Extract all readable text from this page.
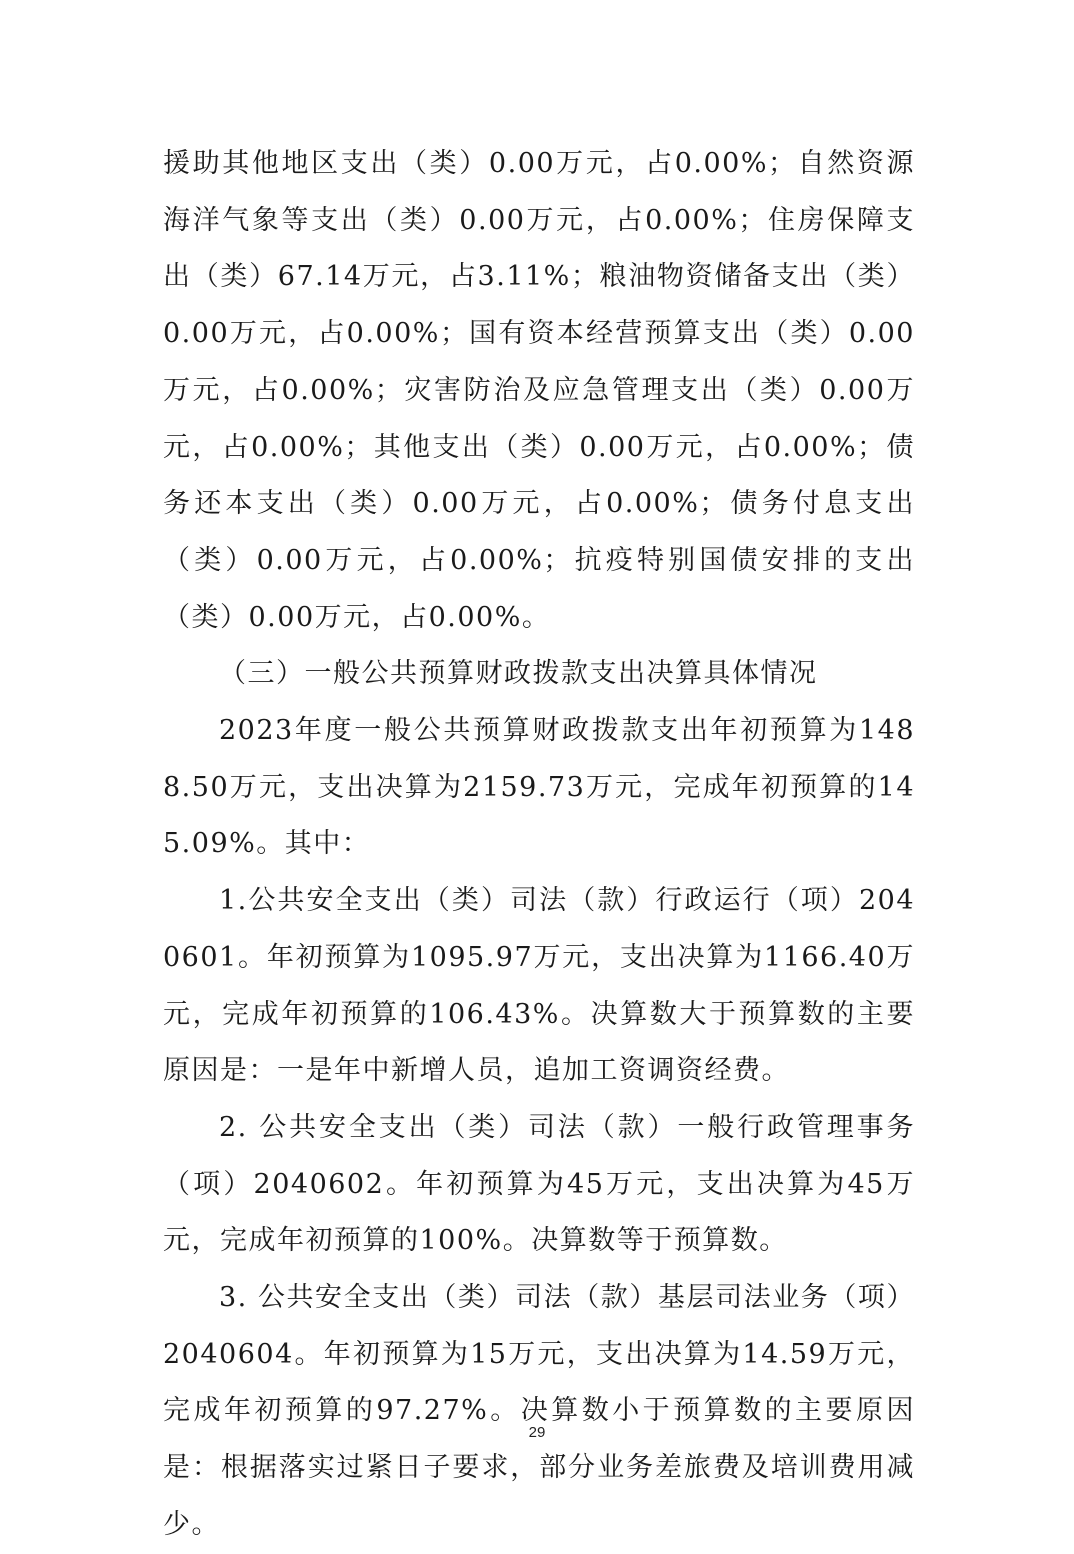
援助其他地区支出（类）0.00万元，占0.00%；自然资源海洋气象等支出（类）0.00万元，占0.00%；住房保障支出（类）67.14万元，占3.11%；粮油物资储备支出（类）0.00万元，占0.00%；国有资本经营预算支出（类）0.00万元，占0.00%；灾害防治及应急管理支出（类）0.00万元，占0.00%；其他支出（类）0.00万元，占0.00%；债务还本支出（类）0.00万元，占0.00%；债务付息支出（类）0.00万元，占0.00%；抗疫特别国债安排的支出（类）0.00万元，占0.00%。

（三）一般公共预算财政拨款支出决算具体情况

2023年度一般公共预算财政拨款支出年初预算为1488.50万元，支出决算为2159.73万元，完成年初预算的145.09%。其中：

1.公共安全支出（类）司法（款）行政运行（项）2040601。年初预算为1095.97万元，支出决算为1166.40万元，完成年初预算的106.43%。决算数大于预算数的主要原因是：一是年中新增人员，追加工资调资经费。

2. 公共安全支出（类）司法（款）一般行政管理事务（项）2040602。年初预算为45万元，支出决算为45万元，完成年初预算的100%。决算数等于预算数。

3. 公共安全支出（类）司法（款）基层司法业务（项）2040604。年初预算为15万元，支出决算为14.59万元，完成年初预算的97.27%。决算数小于预算数的主要原因是：根据落实过紧日子要求，部分业务差旅费及培训费用减少。

29
